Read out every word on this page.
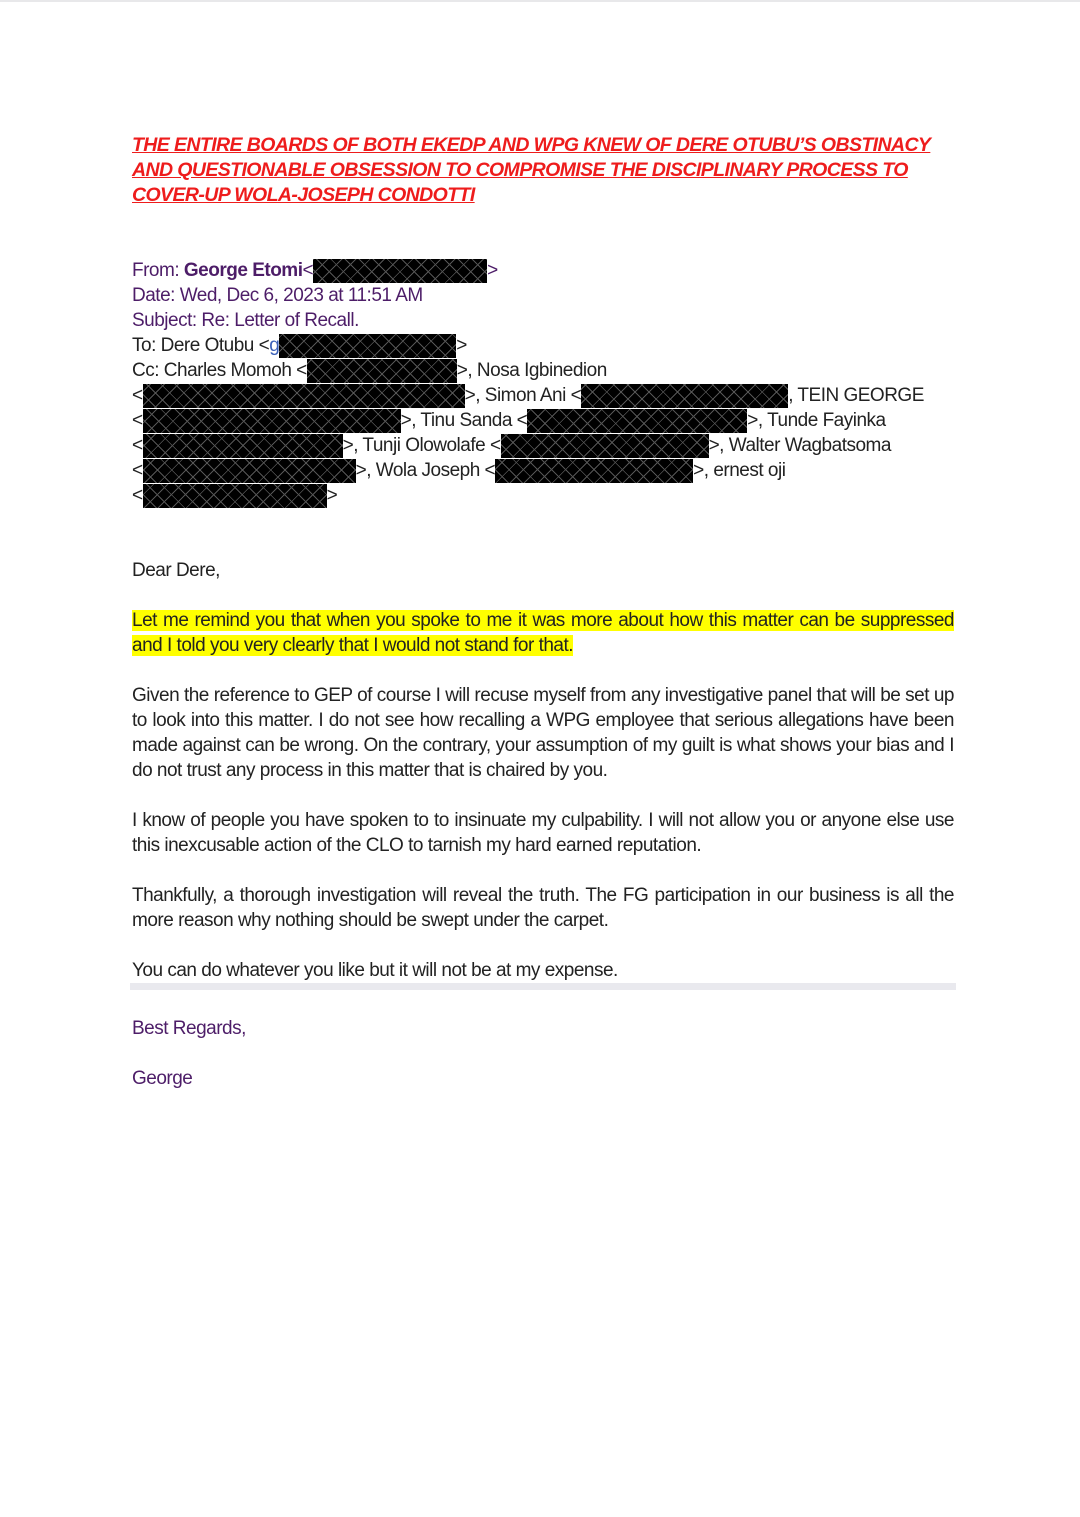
THE ENTIRE BOARDS OF BOTH EKEDP AND WPG KNEW OF DERE OTUBU’S OBSTINACY AND QUESTIONABLE OBSESSION TO COMPROMISE THE DISCIPLINARY PROCESS TO COVER-UP WOLA-JOSEPH CONDOTTI

From: George Etomi<	>
Date: Wed, Dec 6, 2023 at 11:51 AM
Subject: Re: Letter of Recall.
To: Dere Otubu <g	>
Cc: Charles Momoh <	>, Nosa Igbinedion
<	>, Simon Ani <	, TEIN GEORGE
<	>, Tinu Sanda <	>, Tunde Fayinka
<	>, Tunji Olowolafe <	>, Walter Wagbatsoma
<	>, Wola Joseph <	>, ernest oji
<	>

Dear Dere,

Let me remind you that when you spoke to me it was more about how this matter can be suppressed and I told you very clearly that I would not stand for that.

Given the reference to GEP of course I will recuse myself from any investigative panel that will be set up to look into this matter. I do not see how recalling a WPG employee that serious allegations have been made against can be wrong. On the contrary, your assumption of my guilt is what shows your bias and I do not trust any process in this matter that is chaired by you.

I know of people you have spoken to to insinuate my culpability. I will not allow you or anyone else use this inexcusable action of the CLO to tarnish my hard earned reputation.

Thankfully, a thorough investigation will reveal the truth. The FG participation in our business is all the more reason why nothing should be swept under the carpet.

You can do whatever you like but it will not be at my expense.

Best Regards,

George
